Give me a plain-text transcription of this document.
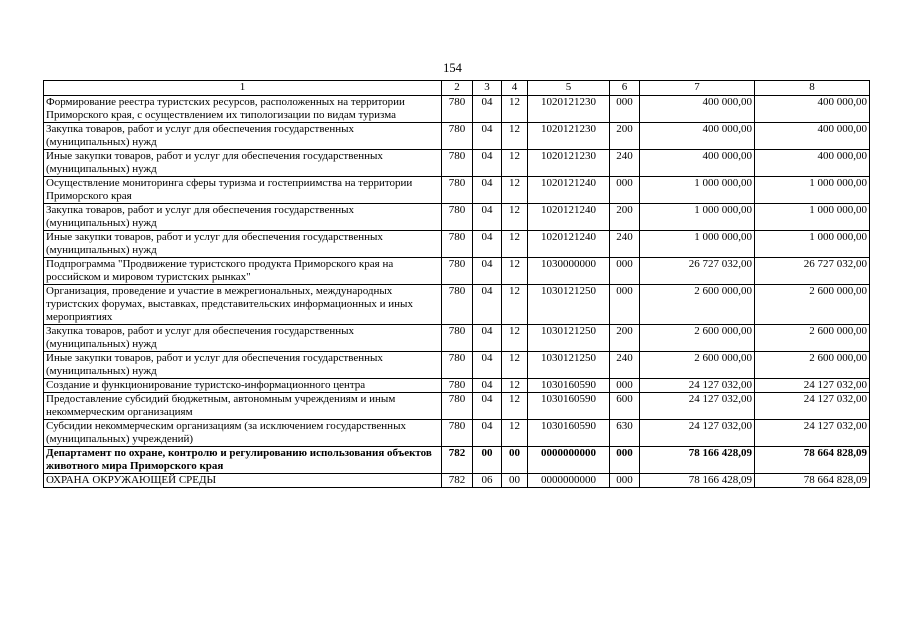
154
1	2	3	4	5	6	7	8
Формирование реестра туристских ресурсов, расположенных на территории Приморского края, с осуществлением их типологизации по видам туризма	780	04	12	1020121230	000	400 000,00	400 000,00
Закупка товаров, работ и услуг для обеспечения государственных (муниципальных) нужд	780	04	12	1020121230	200	400 000,00	400 000,00
Иные закупки товаров, работ и услуг для обеспечения государственных (муниципальных) нужд	780	04	12	1020121230	240	400 000,00	400 000,00
Осуществление мониторинга сферы туризма и гостеприимства на территории Приморского края	780	04	12	1020121240	000	1 000 000,00	1 000 000,00
Закупка товаров, работ и услуг для обеспечения государственных (муниципальных) нужд	780	04	12	1020121240	200	1 000 000,00	1 000 000,00
Иные закупки товаров, работ и услуг для обеспечения государственных (муниципальных) нужд	780	04	12	1020121240	240	1 000 000,00	1 000 000,00
Подпрограмма "Продвижение туристского продукта Приморского края на российском и мировом туристских рынках"	780	04	12	1030000000	000	26 727 032,00	26 727 032,00
Организация, проведение и участие в межрегиональных, международных туристских форумах, выставках, представительских информационных и иных мероприятиях	780	04	12	1030121250	000	2 600 000,00	2 600 000,00
Закупка товаров, работ и услуг для обеспечения государственных (муниципальных) нужд	780	04	12	1030121250	200	2 600 000,00	2 600 000,00
Иные закупки товаров, работ и услуг для обеспечения государственных (муниципальных) нужд	780	04	12	1030121250	240	2 600 000,00	2 600 000,00
Создание и функционирование туристско-информационного центра	780	04	12	1030160590	000	24 127 032,00	24 127 032,00
Предоставление субсидий бюджетным, автономным учреждениям и иным некоммерческим организациям	780	04	12	1030160590	600	24 127 032,00	24 127 032,00
Субсидии некоммерческим организациям (за исключением государственных (муниципальных) учреждений)	780	04	12	1030160590	630	24 127 032,00	24 127 032,00
Департамент по охране, контролю и регулированию использования объектов животного мира Приморского края	782	00	00	0000000000	000	78 166 428,09	78 664 828,09
ОХРАНА ОКРУЖАЮЩЕЙ СРЕДЫ	782	06	00	0000000000	000	78 166 428,09	78 664 828,09
